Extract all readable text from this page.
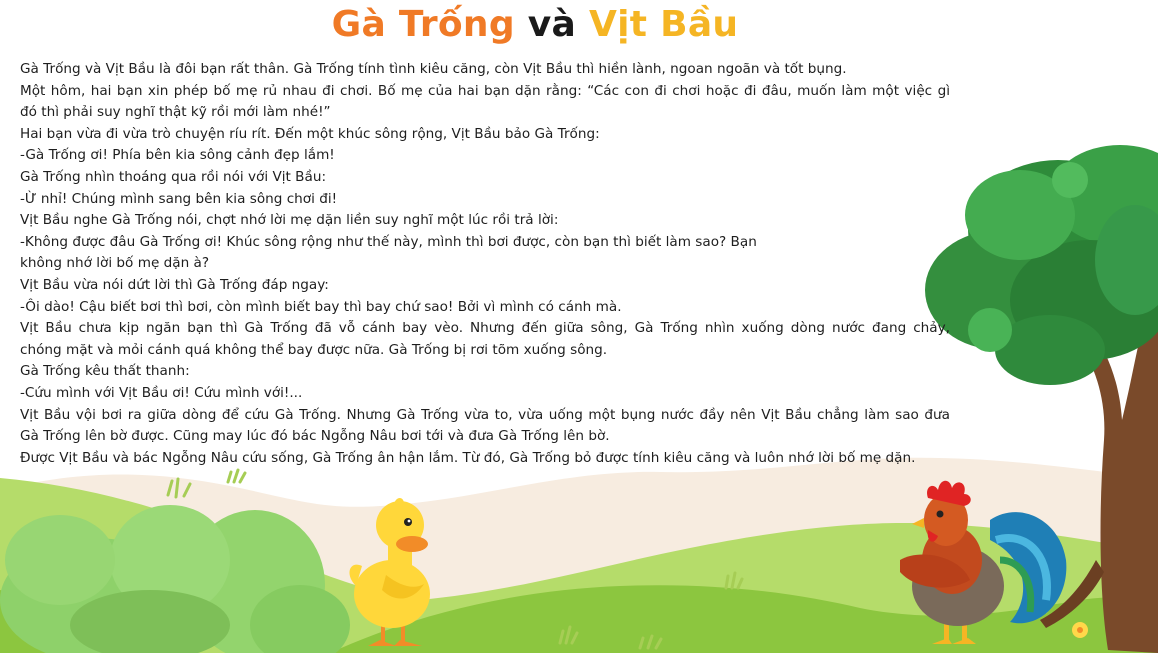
Gà Trống và Vịt Bầu

Gà Trống và Vịt Bầu là đôi bạn rất thân. Gà Trống tính tình kiêu căng, còn Vịt Bầu thì hiền lành, ngoan ngoãn và tốt bụng.

Một hôm, hai bạn xin phép bố mẹ rủ nhau đi chơi. Bố mẹ của hai bạn dặn rằng: “Các con đi chơi hoặc đi đâu, muốn làm một việc gì

đó thì phải suy nghĩ thật kỹ rồi mới làm nhé!”

Hai bạn vừa đi vừa trò chuyện ríu rít. Đến một khúc sông rộng, Vịt Bầu bảo Gà Trống:

-Gà Trống ơi! Phía bên kia sông cảnh đẹp lắm!

Gà Trống nhìn thoáng qua rồi nói với Vịt Bầu:

-Ừ nhỉ! Chúng mình sang bên kia sông chơi đi!

Vịt Bầu nghe Gà Trống nói, chợt nhớ lời mẹ dặn liền suy nghĩ một lúc rồi trả lời:

-Không được đâu Gà Trống ơi! Khúc sông rộng như thế này, mình thì bơi được, còn bạn thì biết làm sao? Bạn

không nhớ lời bố mẹ dặn à?

Vịt Bầu vừa nói dứt lời thì Gà Trống đáp ngay:

-Ôi dào! Cậu biết bơi thì bơi, còn mình biết bay thì bay chứ sao! Bởi vì mình có cánh mà.

Vịt Bầu chưa kịp ngăn bạn thì Gà Trống đã vỗ cánh bay vèo. Nhưng đến giữa sông, Gà Trống nhìn xuống dòng nước đang chảy,

chóng mặt và mỏi cánh quá không thể bay được nữa. Gà Trống bị rơi tõm xuống sông.

Gà Trống kêu thất thanh:

-Cứu mình với Vịt Bầu ơi! Cứu mình với!...

Vịt Bầu vội bơi ra giữa dòng để cứu Gà Trống. Nhưng Gà Trống vừa to, vừa uống một bụng nước đầy nên Vịt Bầu chẳng làm sao đưa

Gà Trống lên bờ được. Cũng may lúc đó bác Ngỗng Nâu bơi tới và đưa Gà Trống lên bờ.

Được Vịt Bầu và bác Ngỗng Nâu cứu sống, Gà Trống ân hận lắm. Từ đó, Gà Trống bỏ được tính kiêu căng và luôn nhớ lời bố mẹ dặn.
